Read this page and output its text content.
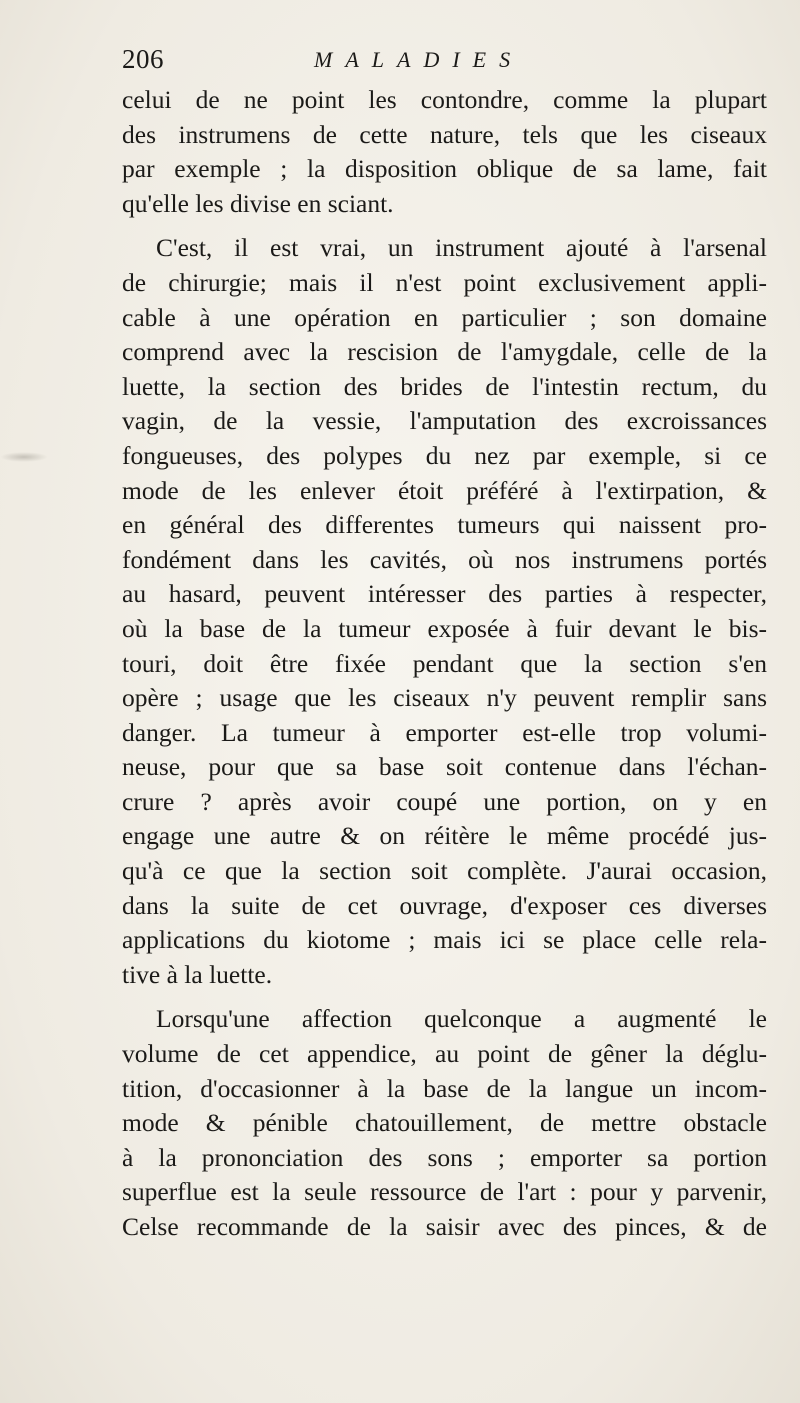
206	MALADIES
celui de ne point les contondre, comme la plupart
des instrumens de cette nature, tels que les ciseaux
par exemple ; la disposition oblique de sa lame, fait
qu'elle les divise en sciant.
C'est, il est vrai, un instrument ajouté à l'arsenal
de chirurgie; mais il n'est point exclusivement appli-
cable à une opération en particulier ; son domaine
comprend avec la rescision de l'amygdale, celle de la
luette, la section des brides de l'intestin rectum, du
vagin, de la vessie, l'amputation des excroissances
fongueuses, des polypes du nez par exemple, si ce
mode de les enlever étoit préféré à l'extirpation, &
en général des differentes tumeurs qui naissent pro-
fondément dans les cavités, où nos instrumens portés
au hasard, peuvent intéresser des parties à respecter,
où la base de la tumeur exposée à fuir devant le bis-
touri, doit être fixée pendant que la section s'en
opère ; usage que les ciseaux n'y peuvent remplir sans
danger. La tumeur à emporter est-elle trop volumi-
neuse, pour que sa base soit contenue dans l'échan-
crure ? après avoir coupé une portion, on y en
engage une autre & on réitère le même procédé jus-
qu'à ce que la section soit complète. J'aurai occasion,
dans la suite de cet ouvrage, d'exposer ces diverses
applications du kiotome ; mais ici se place celle rela-
tive à la luette.
Lorsqu'une affection quelconque a augmenté le
volume de cet appendice, au point de gêner la déglu-
tition, d'occasionner à la base de la langue un incom-
mode & pénible chatouillement, de mettre obstacle
à la prononciation des sons ; emporter sa portion
superflue est la seule ressource de l'art : pour y parvenir,
Celse recommande de la saisir avec des pinces, & de
